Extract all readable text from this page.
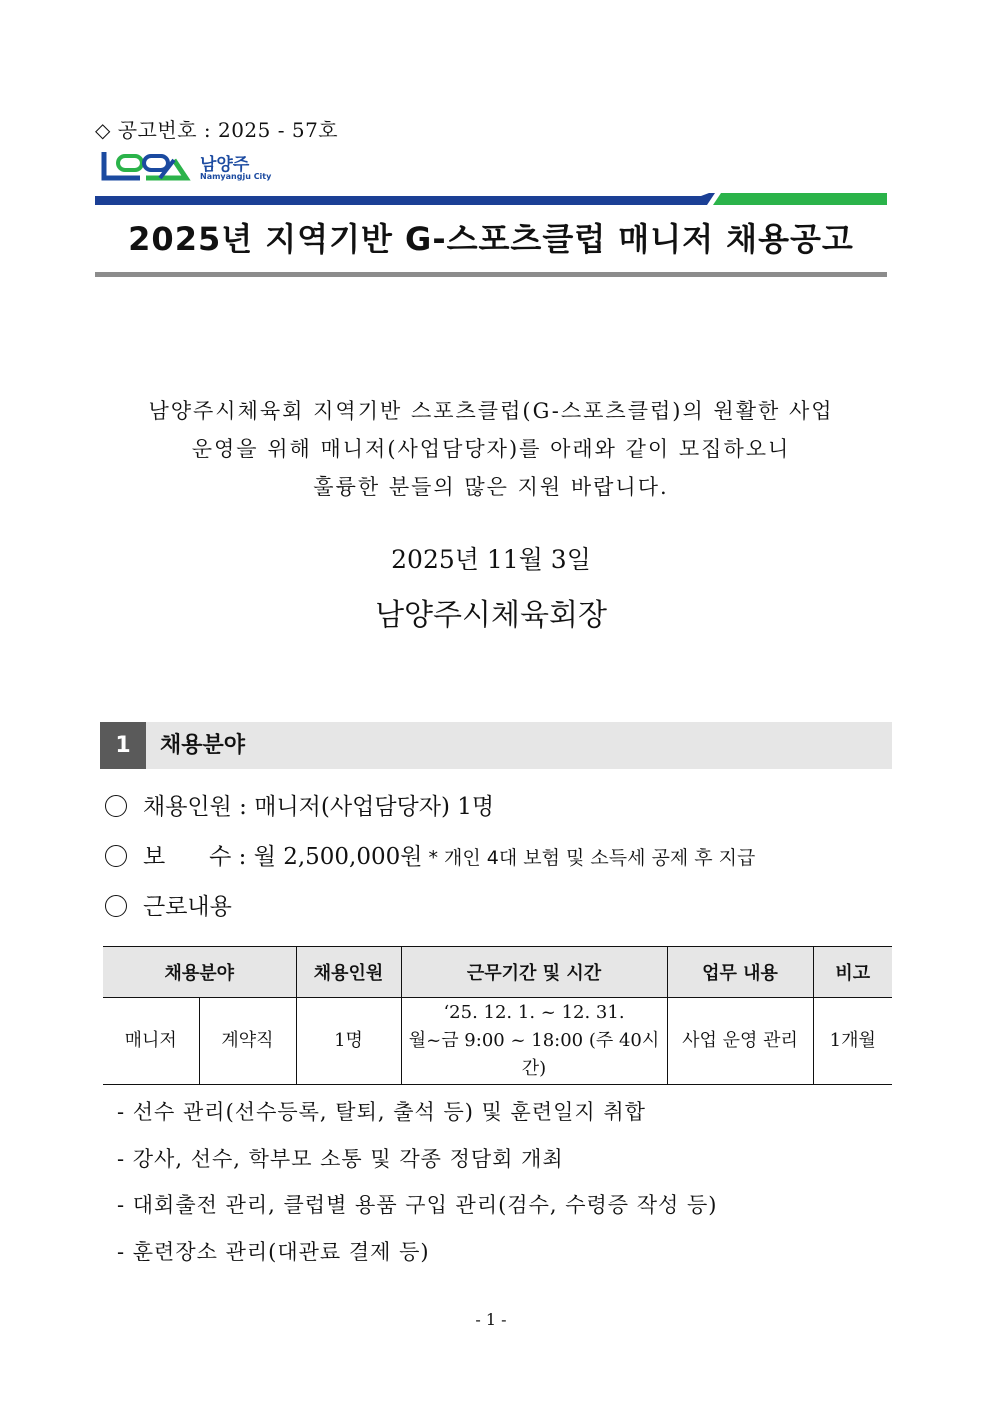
◇ 공고번호 : 2025 - 57호
남양주
Namyangju City
2025년 지역기반 G-스포츠클럽 매니저 채용공고
남양주시체육회 지역기반 스포츠클럽(G-스포츠클럽)의 원활한 사업
운영을 위해 매니저(사업담당자)를 아래와 같이 모집하오니
훌륭한 분들의 많은 지원 바랍니다.
2025년 11월 3일
남양주시체육회장
1	채용분야
채용인원 : 매니저(사업담당자) 1명
보      수 : 월 2,500,000원 * 개인 4대 보험 및 소득세 공제 후 지급
근로내용
채용분야		채용인원	근무기간 및 시간	업무 내용	비고
매니저	계약직	1명	‘25. 12. 1. ~ 12. 31.
월~금 9:00 ~ 18:00 (주 40시간)	사업 운영 관리	1개월
- 선수 관리(선수등록, 탈퇴, 출석 등) 및 훈련일지 취합
- 강사, 선수, 학부모 소통 및 각종 정담회 개최
- 대회출전 관리, 클럽별 용품 구입 관리(검수, 수령증 작성 등)
- 훈련장소 관리(대관료 결제 등)
- 1 -
